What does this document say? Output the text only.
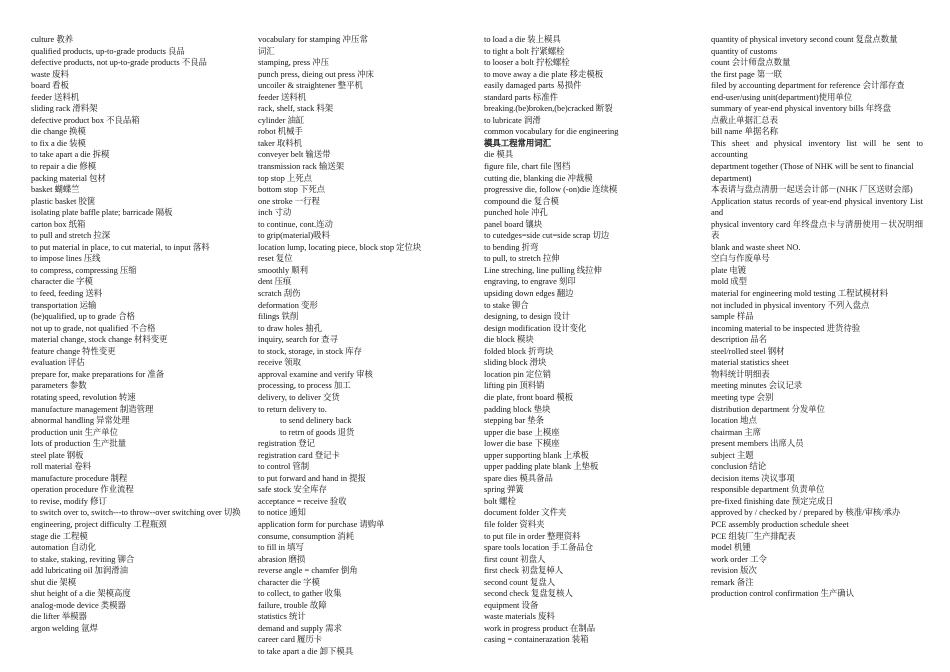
culture 教养
qualified products, up-to-grade products 良品
defective products, not up-to-grade products 不良品
waste 废料
board 看板
feeder 送料机
sliding rack 滑料架
defective product box 不良品箱
die change 换模
to fix a die 装模
to take apart a die 拆模
to repair a die 修模
packing material 包材
basket 蝴蝶竺
plastic basket 胶箧
isolating plate baffle plate; barricade 隔板
carton box 纸箱
to pull and stretch 拉深
to put material in place, to cut material, to input 落料
to impose lines 压线
to compress, compressing 压缩
character die 字模
to feed, feeding 送料
transportation 运输
(be)qualified, up to grade 合格
not up to grade, not qualified 不合格
material change, stock change 材料变更
feature change 特性变更
evaluation 评估
prepare for, make preparations for 准备
parameters 参数
rotating speed, revolution 转速
manufacture management 制造管理
abnormal handling 异常处理
production unit 生产单位
lots of production 生产批量
steel plate 钢板
roll material 卷料
manufacture procedure 制程
operation procedure 作业流程
to revise, modify 修订
to switch over to, switch---to throw--over switching over 切换
engineering, project difficulty 工程瓶颈
stage die 工程模
automation 自动化
to stake, staking, reviting 铆合
add lubricating oil 加润滑油
shut die 架模
shut height of a die 架模高度
analog-mode device 类模器
die lifter 举模器
argon welding 氩焊
vocabulary for stamping 冲压常词汇
stamping, press 冲压
punch press, dieing out press 冲床
uncoiler & straightener 整平机
feeder 送料机
rack, shelf, stack 料架
cylinder 油缸
robot 机械手
taker 取料机
conveyer belt 输送带
transmission rack 输送架
top stop 上死点
bottom stop 下死点
one stroke 一行程
inch 寸动
to continue, cont.连动
to grip(material)吸料
location lump, locating piece, block stop 定位块
reset 复位
smoothly 顺利
dent 压痕
scratch 刮伤
deformation 变形
filings 铁削
to draw holes 抽孔
inquiry, search for 查寻
to stock, storage, in stock 库存
receive 领取
approval examine and verify 审核
processing, to process 加工
delivery, to deliver 交货
to return delivery to.
to send delinery back
to retrn of goods 退货
registration 登记
registration card 登记卡
to control 管制
to put forward and hand in 提报
safe stock 安全库存
acceptance = receive 验收
to notice 通知
application form for purchase 请购单
consume, consumption 消耗
to fill in 填写
abrasion 磨损
reverse angle = chamfer 倒角
character die 字模
to collect, to gather 收集
failure, trouble 故障
statistics 统计
demand and supply 需求
career card 履历卡
to take apart a die 卸下模具
to load a die 装上模具
to tight a bolt 拧紧螺栓
to looser a bolt 拧松螺栓
to move away a die plate 移走模板
easily damaged parts 易损件
standard parts 标准件
breaking.(be)broken,(be)cracked 断裂
to lubricate 润滑
common vocabulary for die engineering
模具工程常用词汇
die 模具
figure file, chart file 图档
cutting die, blanking die 冲裁模
progressive die, follow (-on)die 连续模
compound die 复合模
punched hole 冲孔
panel board 镶块
to cutedges=side cut=side scrap 切边
to bending 折弯
to pull, to stretch 拉伸
Line streching, line pulling 线拉伸
engraving, to engrave 刻印
upsiding down edges 翻边
to stake 铆合
designing, to design 设计
design modification 设计变化
die block 模块
folded block 折弯块
sliding block 滑块
location pin 定位销
lifting pin 顶料销
die plate, front board 模板
padding block 垫块
stepping bar 垫条
upper die base 上模座
lower die base 下模座
upper supporting blank 上承板
upper padding plate blank 上垫板
spare dies 模具备品
spring 弹簧
bolt 螺栓
document folder 文件夹
file folder 资料夹
to put file in order 整理资料
spare tools location 手工备品仓
first count 初盘人
first check 初盘复棹人
second count 复盘人
second check 复盘复核人
equipment 设备
waste materials 废料
work in progress product 在制品
casing = containerazation 装箱
quantity of physical invetory second count 复盘点数量
quantity of customs count 会计师盘点数量
the first page 第一联
filed by accounting department for reference 会计部存查
end-user/using unit(department)使用单位
summary of year-end physical inventory bills 年终盘点截止单据汇总表
bill name 单据名称
This sheet and physical inventory list will be sent to accounting
department together (Those of NHK will be sent to financial
department)
本表请与盘点清册一起送会计部－(NHK 厂区送财会部)
Application status records of year-end physical inventory List and
physical inventory card 年终盘点卡与清册使用－状况明细表
blank and waste sheet NO.
空白与作废单号
plate 电镀
mold 成型
material for engineering mold testing 工程试模材料
not included in physical inventory 不列入盘点
sample 样品
incoming material to be inspected 进货待验
description 品名
steel/rolled steel 钢材
material statistics sheet
物料统计明细表
meeting minutes 会议记录
meeting type 会别
distribution department 分发单位
location 地点
chairman 主席
present members 出席人员
subject 主题
conclusion 结论
decision items 决议事项
responsible department 负责单位
pre-fixed finishing date 预定完成日
approved by / checked by / prepared by 核准/审核/承办
PCE assembly production schedule sheet
PCE 组装厂生产排配表
model 机锺
work order 工令
revision 版次
remark 备注
production control confirmation 生产确认
